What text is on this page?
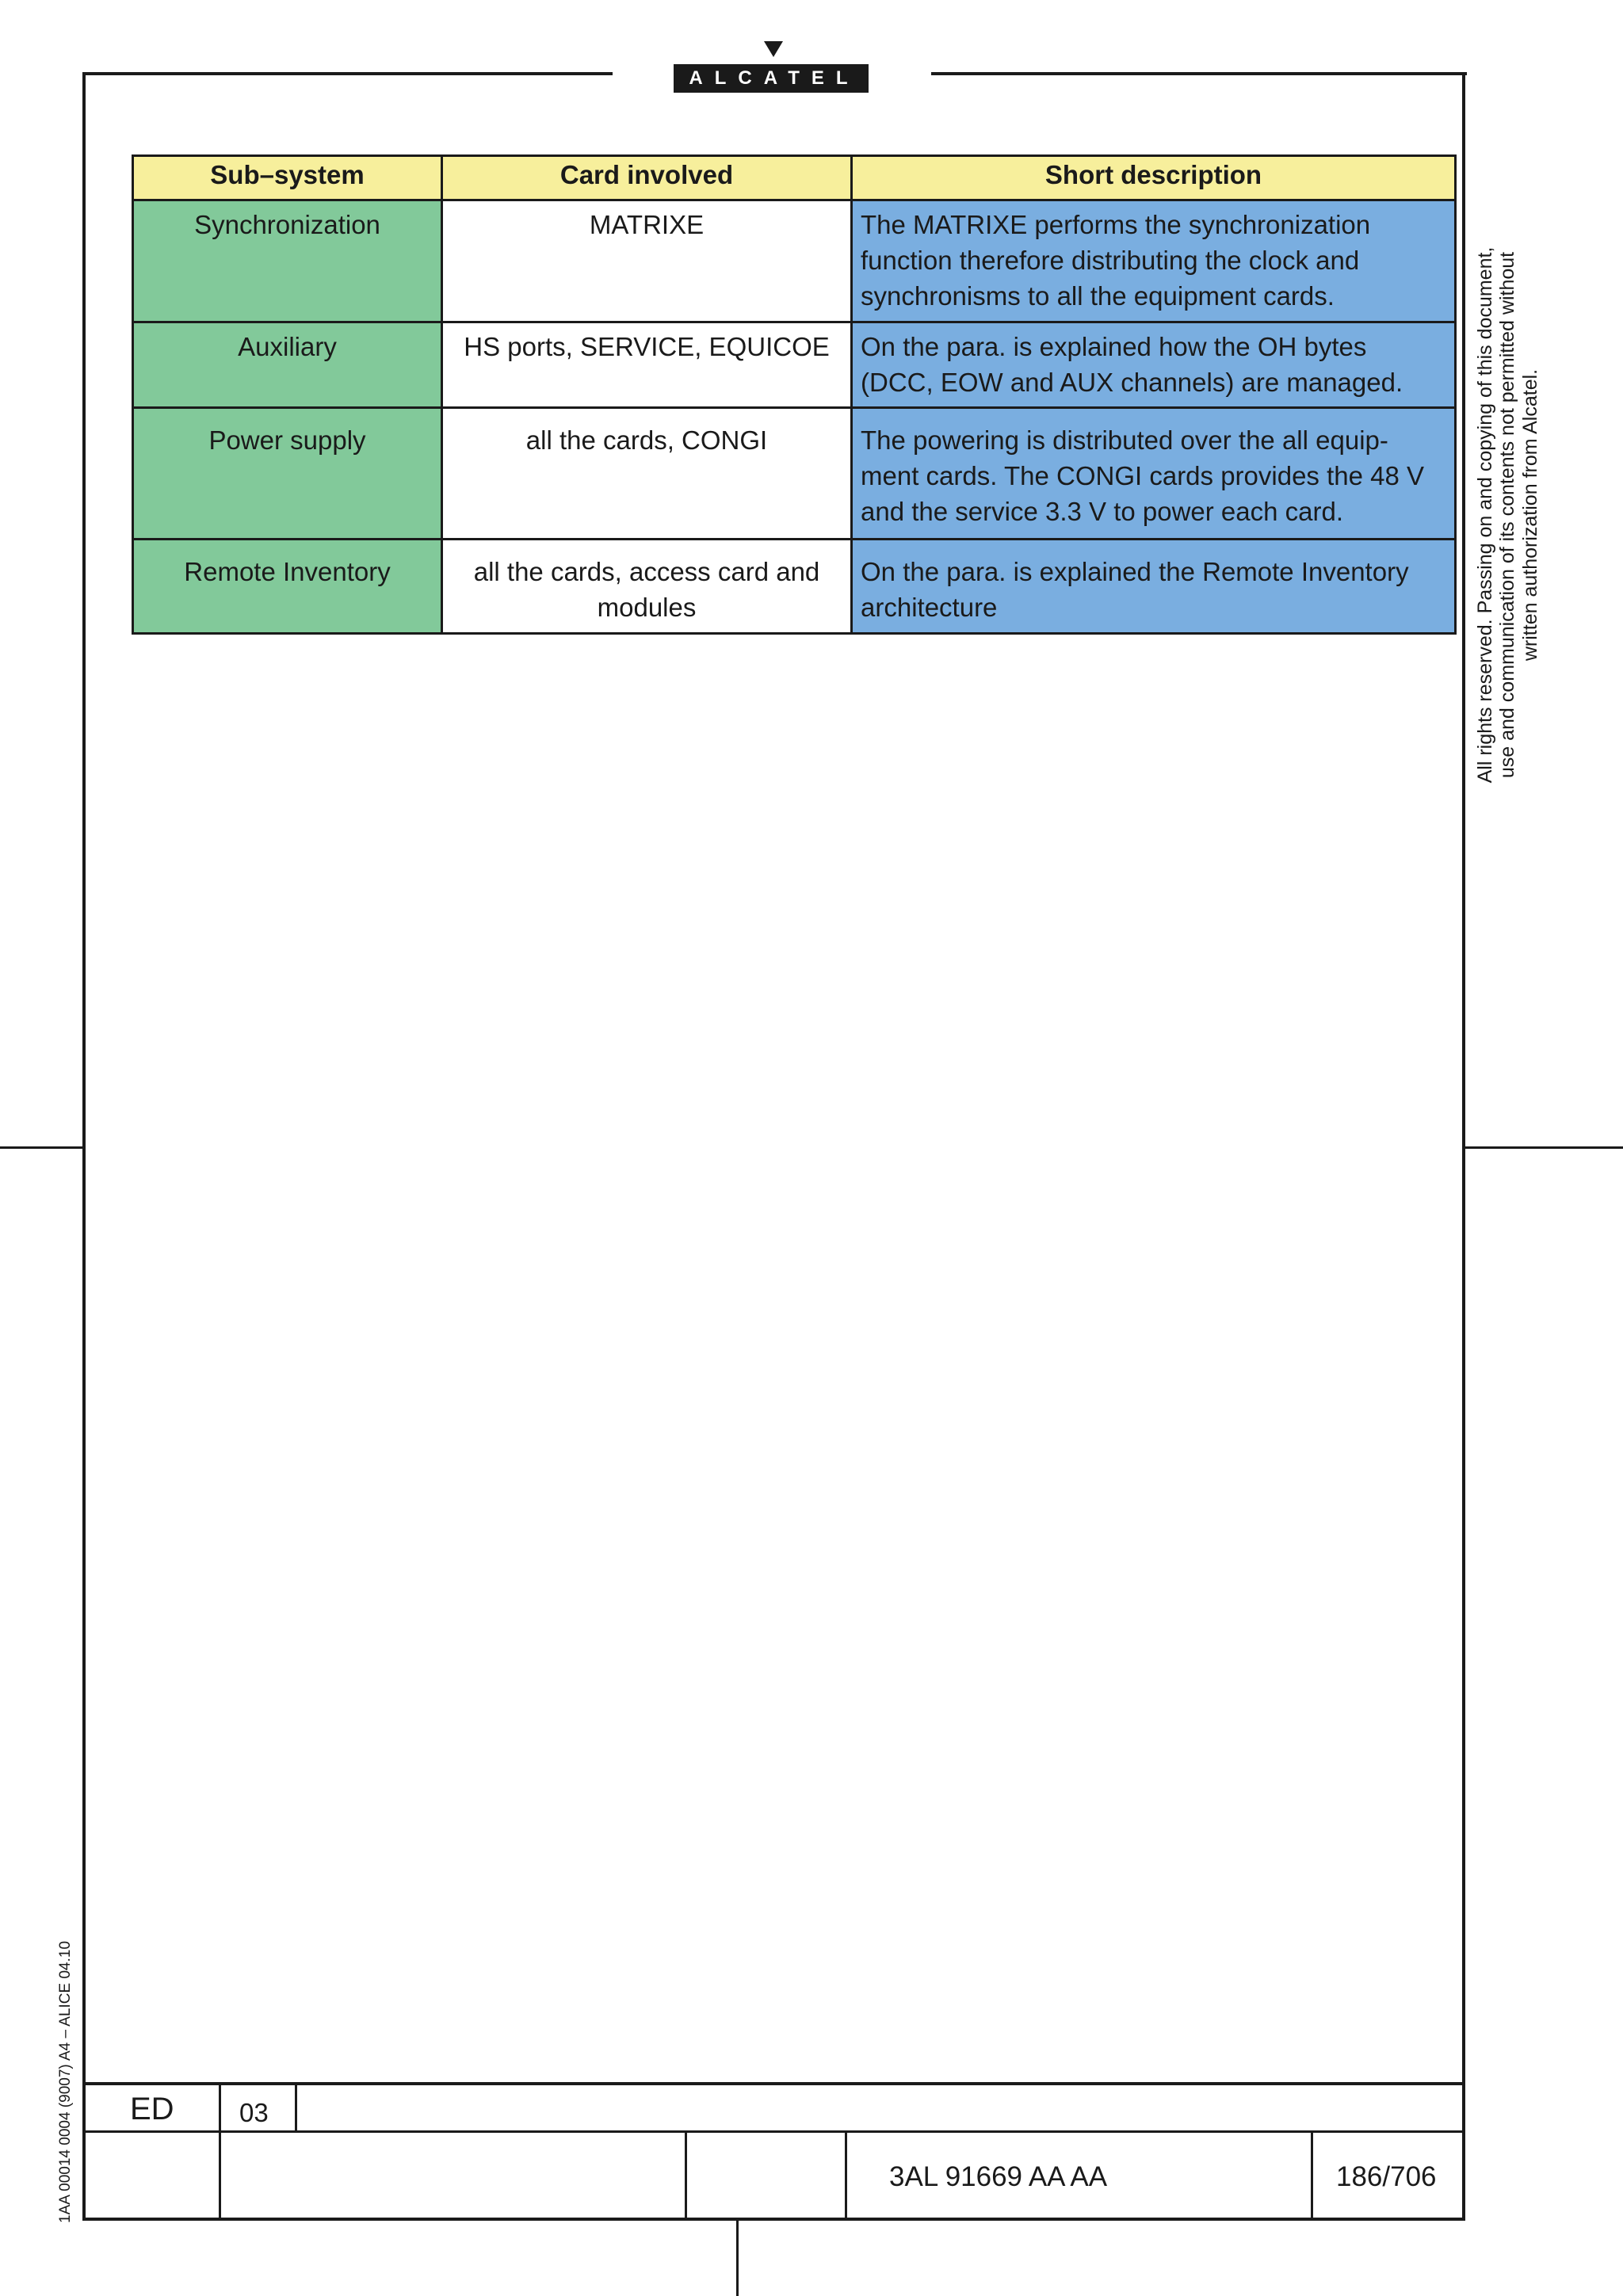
ALCATEL
Sub–system	Card involved	Short description
Synchronization	MATRIXE	The MATRIXE performs the synchronization function therefore distributing the clock and synchronisms to all the equipment cards.
Auxiliary	HS ports, SERVICE, EQUICOE	On the para. is explained how the OH bytes (DCC, EOW and AUX channels) are managed.
Power supply	all the cards, CONGI	The powering is distributed over the all equip-ment cards. The CONGI cards provides the 48 V and the service 3.3 V to power each card.
Remote Inventory	all the cards, access card and modules	On the para. is explained the Remote Inventory architecture	All rights reserved. Passing on and copying of this document, use and communication of its contents not permitted without written authorization from Alcatel.
1AA 00014 0004 (9007) A4 – ALICE 04.10 ED 03
3AL 91669 AA AA	186/706
